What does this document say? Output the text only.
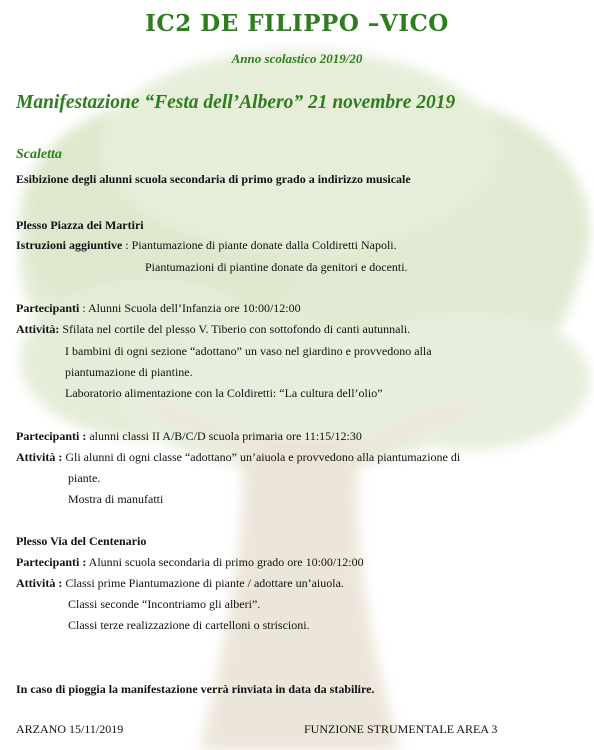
IC2 DE FILIPPO –VICO
Anno scolastico 2019/20
Manifestazione “Festa dell’Albero” 21 novembre 2019
Scaletta
Esibizione degli alunni scuola secondaria di primo grado a indirizzo musicale
Plesso Piazza dei Martiri
Istruzioni aggiuntive : Piantumazione di piante donate dalla Coldiretti Napoli.
Piantumazioni di piantine donate da genitori e docenti.
Partecipanti : Alunni Scuola dell’Infanzia ore 10:00/12:00
Attività: Sfilata nel cortile del plesso V. Tiberio con sottofondo di canti autunnali.
I bambini di ogni sezione “adottano” un vaso nel giardino e provvedono alla
piantumazione di piantine.
Laboratorio alimentazione con la Coldiretti: “La cultura dell’olio”
Partecipanti : alunni classi II A/B/C/D scuola primaria ore 11:15/12:30
Attività : Gli alunni di ogni classe “adottano” un’aiuola e provvedono alla piantumazione di
piante.
Mostra di manufatti
Plesso Via del Centenario
Partecipanti : Alunni scuola secondaria di primo grado ore 10:00/12:00
Attività : Classi prime Piantumazione di piante / adottare un’aiuola.
Classi seconde “Incontriamo gli alberi”.
Classi terze realizzazione di cartelloni o striscioni.
In caso di pioggia la manifestazione verrà rinviata in data da stabilire.
ARZANO 15/11/2019	FUNZIONE STRUMENTALE AREA 3
